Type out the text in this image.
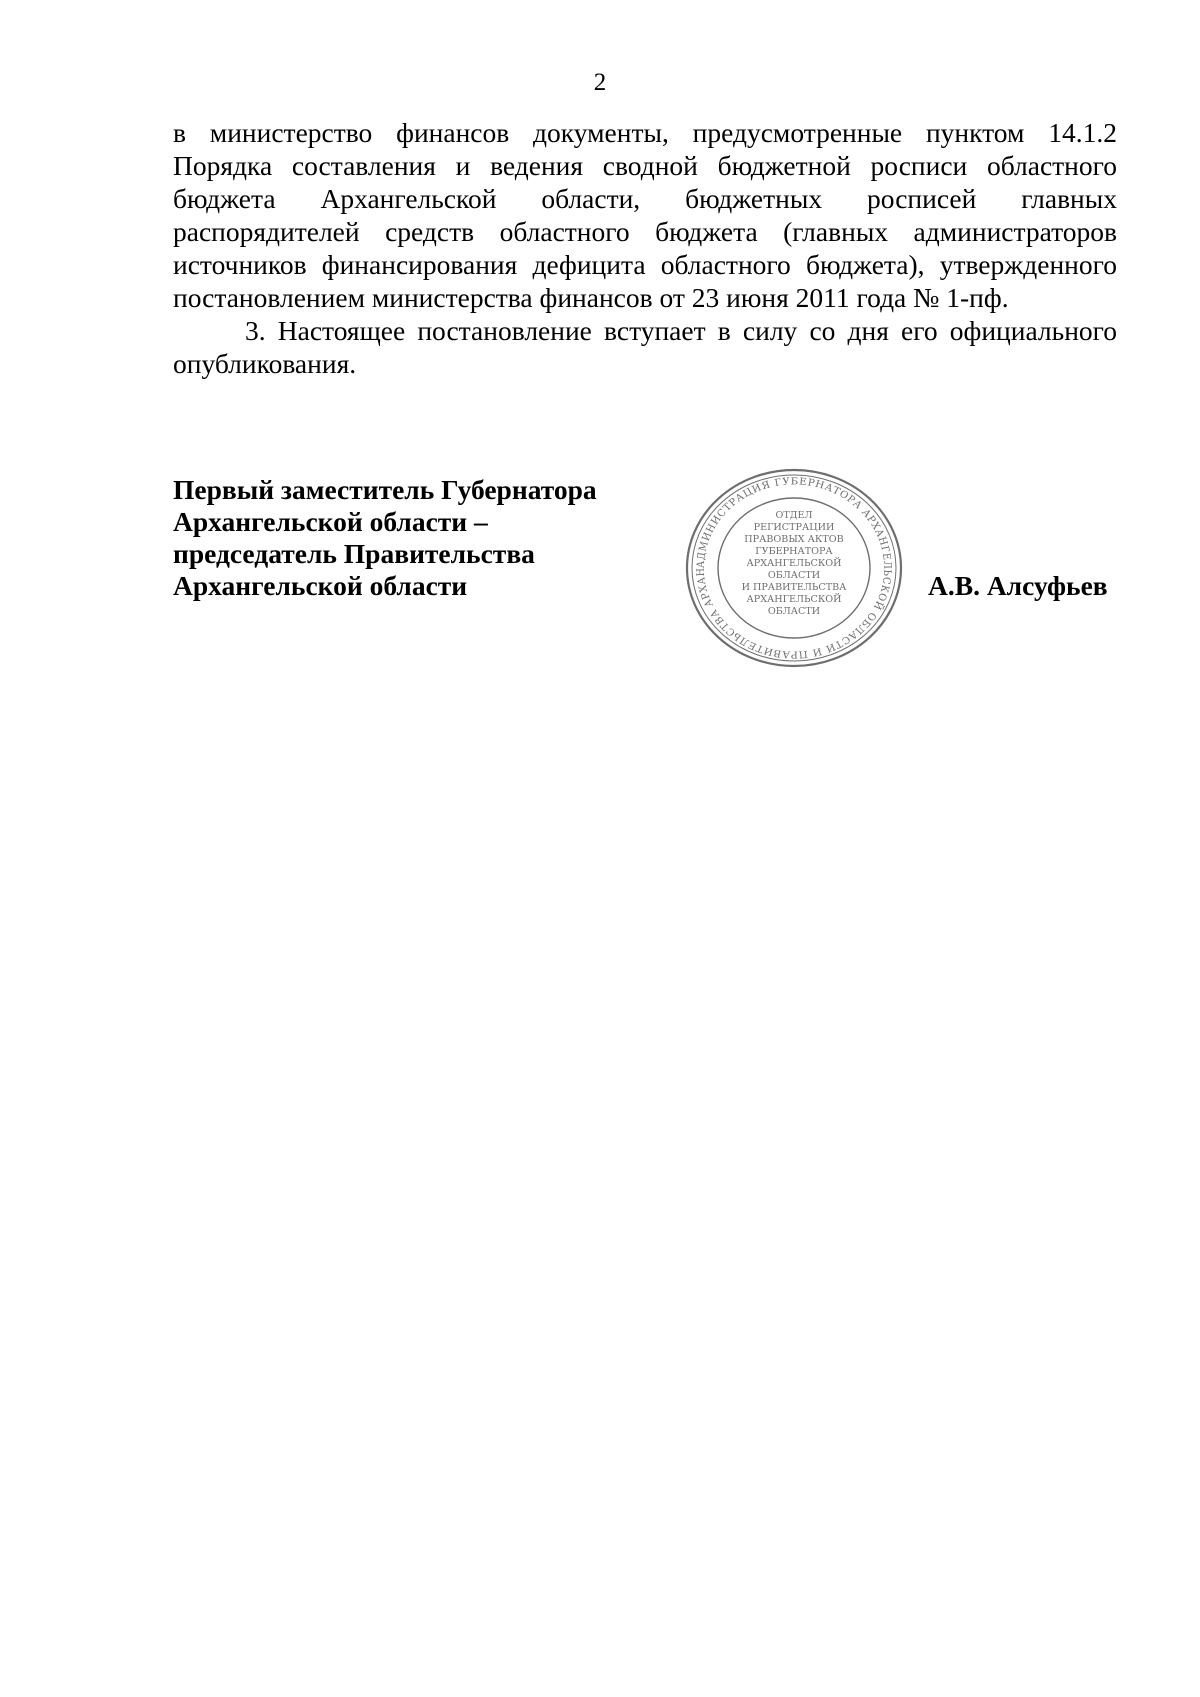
2

в министерство финансов документы, предусмотренные пунктом 14.1.2 Порядка составления и ведения сводной бюджетной росписи областного бюджета Архангельской области, бюджетных росписей главных распорядителей средств областного бюджета (главных администраторов источников финансирования дефицита областного бюджета), утвержденного постановлением министерства финансов от 23 июня 2011 года № 1-пф.

3. Настоящее постановление вступает в силу со дня его официального опубликования.

Первый заместитель Губернатора
Архангельской области –
председатель Правительства
Архангельской области
АДМИНИСТРАЦИЯ ГУБЕРНАТОРА АРХАНГЕЛЬСКОЙ ОБЛАСТИ И ПРАВИТЕЛЬСТВА АРХАН
ОТДЕЛ
РЕГИСТРАЦИИ
ПРАВОВЫХ АКТОВ
ГУБЕРНАТОРА
АРХАНГЕЛЬСКОЙ
ОБЛАСТИ
И ПРАВИТЕЛЬСТВА
АРХАНГЕЛЬСКОЙ
ОБЛАСТИ
А.В. Алсуфьев
